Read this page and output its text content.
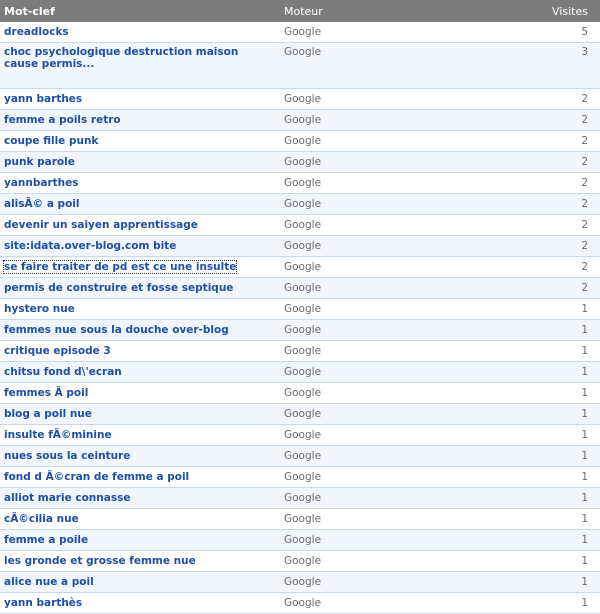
Mot-clef	Moteur	Visites
dreadlocks	Google	5
choc psychologique destruction maison cause permis...	Google	3
yann barthes	Google	2
femme a poils retro	Google	2
coupe fille punk	Google	2
punk parole	Google	2
yannbarthes	Google	2
alisÃ© a poil	Google	2
devenir un saiyen apprentissage	Google	2
site:idata.over-blog.com bite	Google	2
se faire traiter de pd est ce une insulte	Google	2
permis de construire et fosse septique	Google	2
hystero nue	Google	1
femmes nue sous la douche over-blog	Google	1
critique episode 3	Google	1
chitsu fond d\'ecran	Google	1
femmes Ã poil	Google	1
blog a poil nue	Google	1
insulte fÃ©minine	Google	1
nues sous la ceinture	Google	1
fond d Ã©cran de femme a poil	Google	1
alliot marie connasse	Google	1
cÃ©cilia nue	Google	1
femme a poile	Google	1
les gronde et grosse femme nue	Google	1
alice nue a poil	Google	1
yann barthès	Google	1
